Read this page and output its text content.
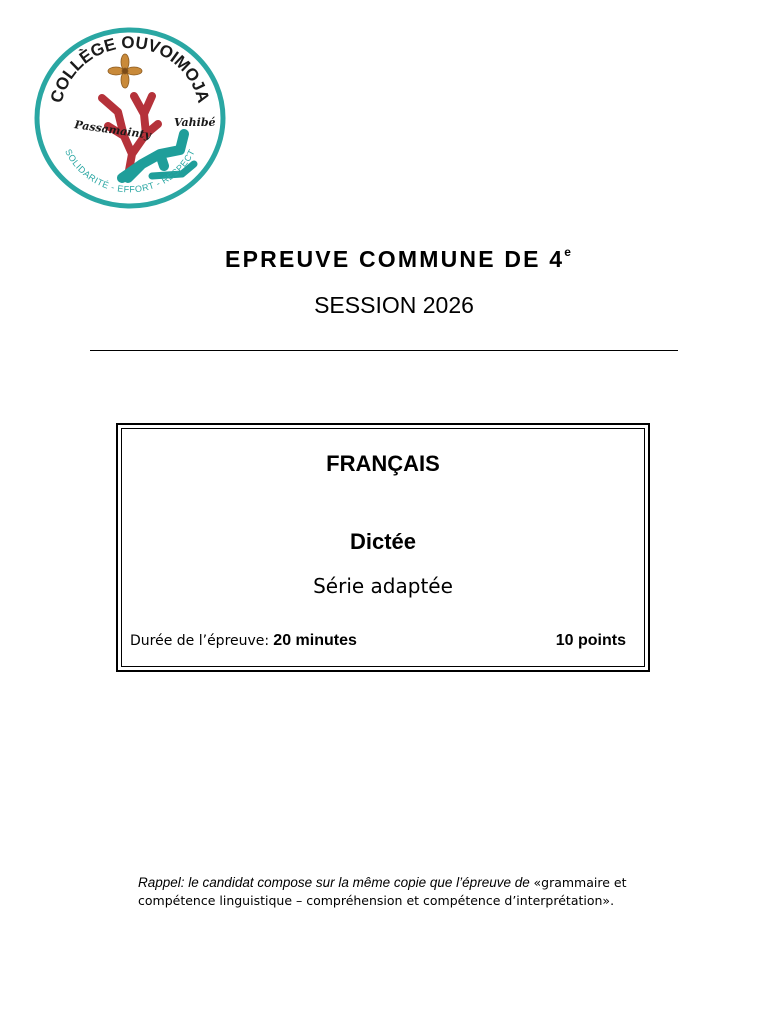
COLLÈGE OUVOIMOJA
Passamainty Vahibé
SOLIDARITÉ - EFFORT - RESPECT
EPREUVE COMMUNE DE 4e
SESSION 2026
FRANÇAIS
Dictée
Série adaptée
Durée de l’épreuve: 20 minutes	10 points
Rappel: le candidat compose sur la même copie que l’épreuve de «grammaire et compétence linguistique – compréhension et compétence d’interprétation».
